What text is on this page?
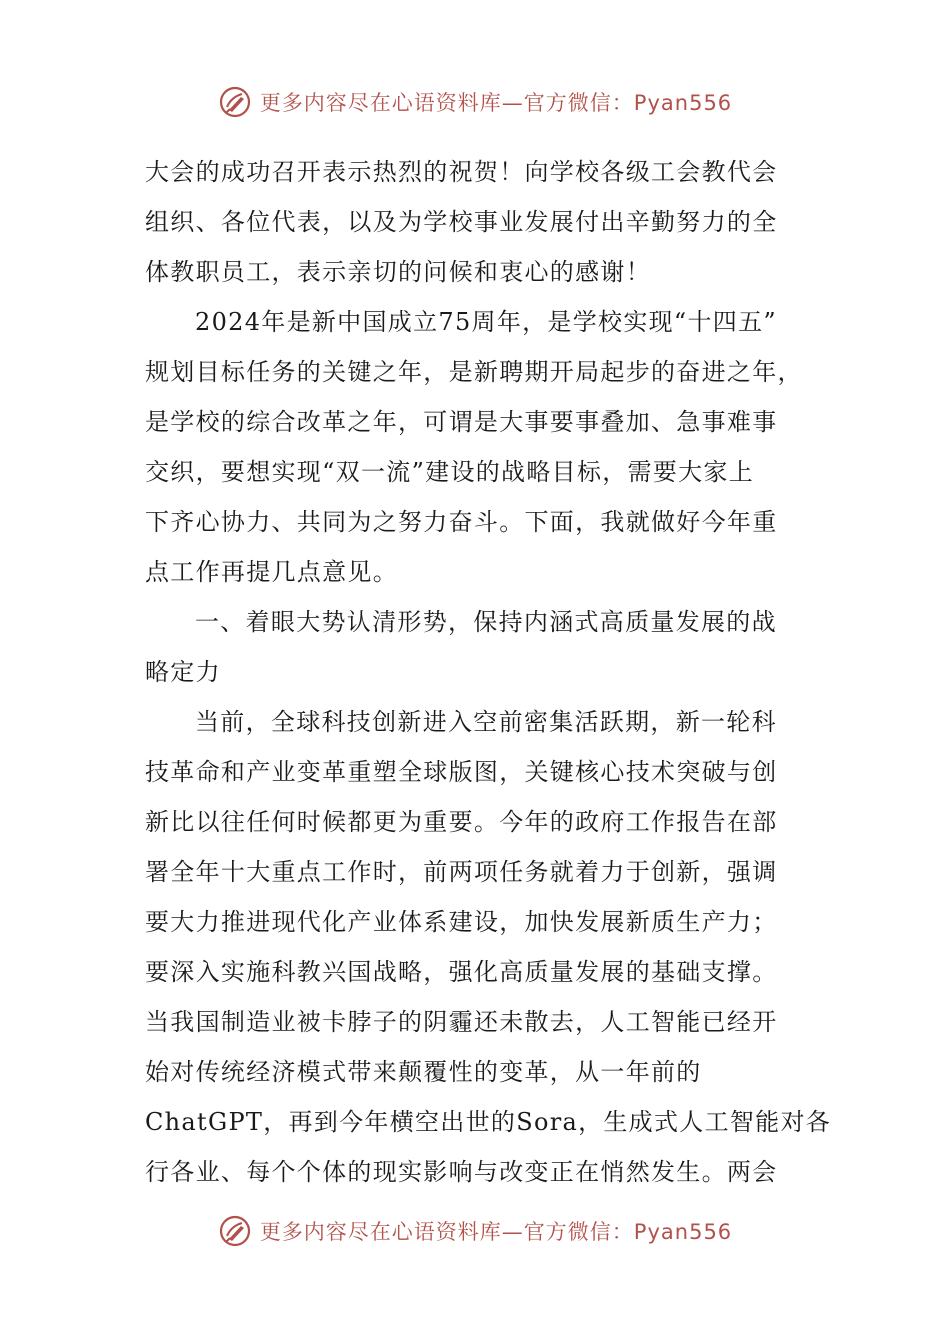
更多内容尽在心语资料库—官方微信：Pyan556
大会的成功召开表示热烈的祝贺！向学校各级工会教代会
组织、各位代表，以及为学校事业发展付出辛勤努力的全
体教职员工，表示亲切的问候和衷心的感谢！
2024年是新中国成立75周年，是学校实现“十四五”
规划目标任务的关键之年，是新聘期开局起步的奋进之年，
是学校的综合改革之年，可谓是大事要事叠加、急事难事
交织，要想实现“双一流”建设的战略目标，需要大家上
下齐心协力、共同为之努力奋斗。下面，我就做好今年重
点工作再提几点意见。
一、着眼大势认清形势，保持内涵式高质量发展的战
略定力
当前，全球科技创新进入空前密集活跃期，新一轮科
技革命和产业变革重塑全球版图，关键核心技术突破与创
新比以往任何时候都更为重要。今年的政府工作报告在部
署全年十大重点工作时，前两项任务就着力于创新，强调
要大力推进现代化产业体系建设，加快发展新质生产力；
要深入实施科教兴国战略，强化高质量发展的基础支撑。
当我国制造业被卡脖子的阴霾还未散去，人工智能已经开
始对传统经济模式带来颠覆性的变革，从一年前的
ChatGPT，再到今年横空出世的Sora，生成式人工智能对各
行各业、每个个体的现实影响与改变正在悄然发生。两会
更多内容尽在心语资料库—官方微信：Pyan556
